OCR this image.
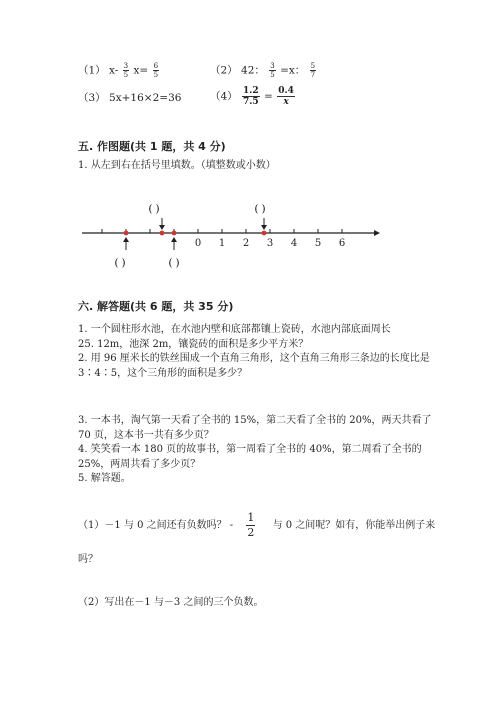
（1） $x- \frac{3}{5} x= \frac{6}{5}$	（2） 42： $\frac{3}{5} =x$： $\frac{5}{7}$
（3） 5x+16×2=36	$(4) \frac{1.2}{7.5} = \frac{0.4}{x}$
五. 作图题(共 1 题，共 4 分)
1. 从左到右在括号里填数。（填整数或小数）
0 1 2 3 4 5 6
( )	( )
( )	( )
六. 解答题(共 6 题，共 35 分)
1. 一个圆柱形水池，在水池内壁和底部都镶上瓷砖，水池内部底面周长
25. 12m，池深 2m，镶瓷砖的面积是多少平方米？
2. 用 96 厘米长的铁丝围成一个直角三角形，这个直角三角形三条边的长度比是
3∶4∶5，这个三角形的面积是多少？
3. 一本书，淘气第一天看了全书的 15%，第二天看了全书的 20%，两天共看了
70 页，这本书一共有多少页？
4. 笑笑看一本 180 页的故事书，第一周看了全书的 40%，第二周看了全书的
25%，两周共看了多少页？
5. 解答题。
（1）－1 与 0 之间还有负数吗？ - $\frac{1}{2}$ 与 0 之间呢？如有，你能举出例子来
吗？
（2）写出在－1 与－3 之间的三个负数。
